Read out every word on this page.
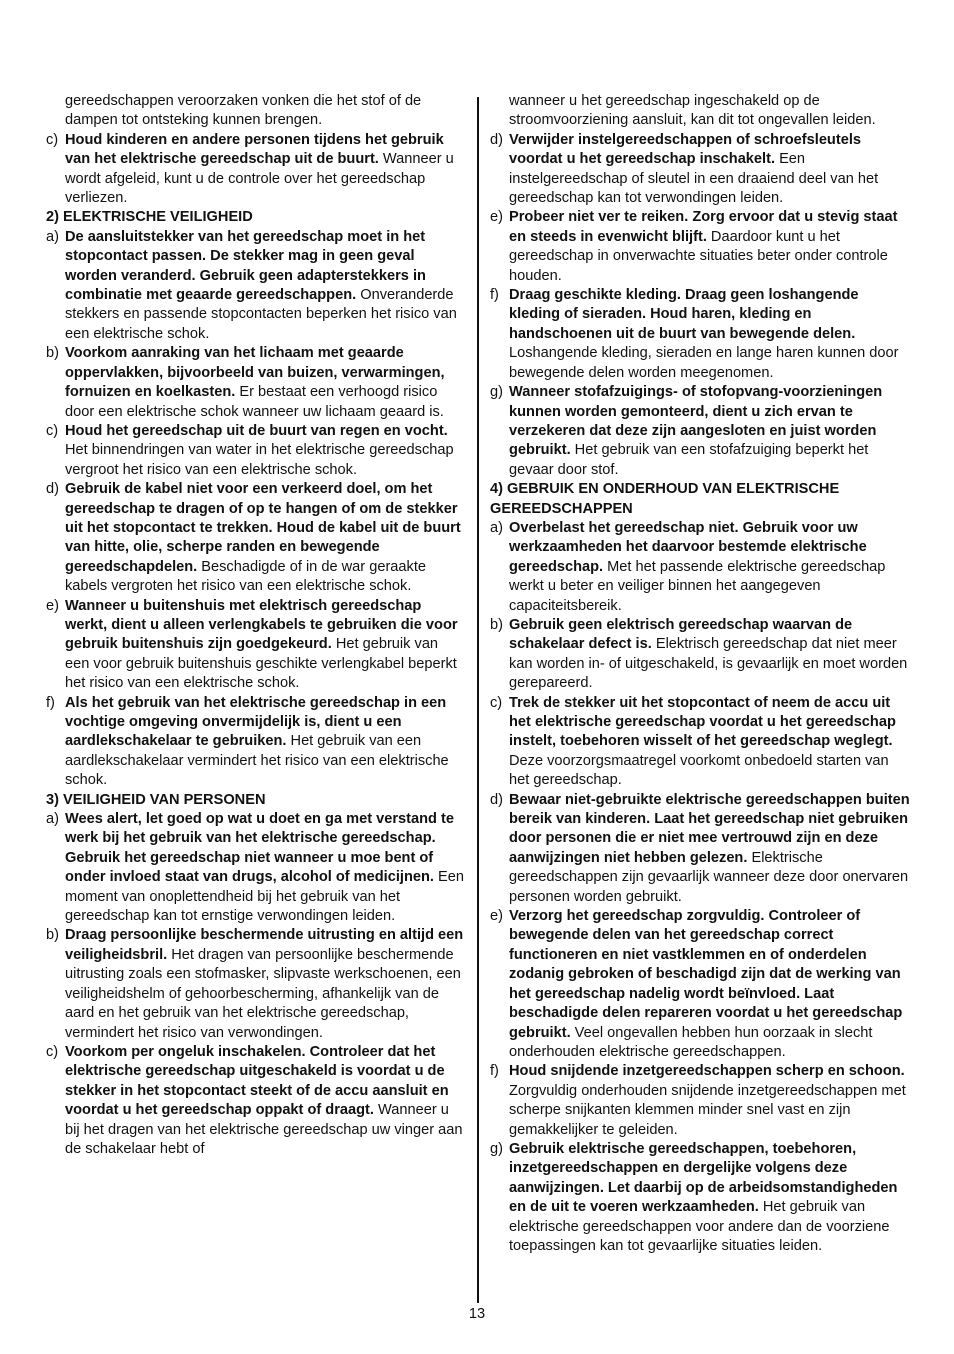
gereedschappen veroorzaken vonken die het stof of de dampen tot ontsteking kunnen brengen.
c) Houd kinderen en andere personen tijdens het gebruik van het elektrische gereedschap uit de buurt. Wanneer u wordt afgeleid, kunt u de controle over het gereedschap verliezen.
2) ELEKTRISCHE VEILIGHEID
a) De aansluitstekker van het gereedschap moet in het stopcontact passen. De stekker mag in geen geval worden veranderd. Gebruik geen adapterstekkers in combinatie met geaarde gereedschappen. Onveranderde stekkers en passende stopcontacten beperken het risico van een elektrische schok.
b) Voorkom aanraking van het lichaam met geaarde oppervlakken, bijvoorbeeld van buizen, verwarmingen, fornuizen en koelkasten. Er bestaat een verhoogd risico door een elektrische schok wanneer uw lichaam geaard is.
c) Houd het gereedschap uit de buurt van regen en vocht. Het binnendringen van water in het elektrische gereedschap vergroot het risico van een elektrische schok.
d) Gebruik de kabel niet voor een verkeerd doel, om het gereedschap te dragen of op te hangen of om de stekker uit het stopcontact te trekken. Houd de kabel uit de buurt van hitte, olie, scherpe randen en bewegende gereedschapdelen. Beschadigde of in de war geraakte kabels vergroten het risico van een elektrische schok.
e) Wanneer u buitenshuis met elektrisch gereedschap werkt, dient u alleen verlengkabels te gebruiken die voor gebruik buitenshuis zijn goedgekeurd. Het gebruik van een voor gebruik buitenshuis geschikte verlengkabel beperkt het risico van een elektrische schok.
f) Als het gebruik van het elektrische gereedschap in een vochtige omgeving onvermijdelijk is, dient u een aardlekschakelaar te gebruiken. Het gebruik van een aardlekschakelaar vermindert het risico van een elektrische schok.
3) VEILIGHEID VAN PERSONEN
a) Wees alert, let goed op wat u doet en ga met verstand te werk bij het gebruik van het elektrische gereedschap. Gebruik het gereedschap niet wanneer u moe bent of onder invloed staat van drugs, alcohol of medicijnen. Een moment van onoplettendheid bij het gebruik van het gereedschap kan tot ernstige verwondingen leiden.
b) Draag persoonlijke beschermende uitrusting en altijd een veiligheidsbril. Het dragen van persoonlijke beschermende uitrusting zoals een stofmasker, slipvaste werkschoenen, een veiligheidshelm of gehoorbescherming, afhankelijk van de aard en het gebruik van het elektrische gereedschap, vermindert het risico van verwondingen.
c) Voorkom per ongeluk inschakelen. Controleer dat het elektrische gereedschap uitgeschakeld is voordat u de stekker in het stopcontact steekt of de accu aansluit en voordat u het gereedschap oppakt of draagt. Wanneer u bij het dragen van het elektrische gereedschap uw vinger aan de schakelaar hebt of
wanneer u het gereedschap ingeschakeld op de stroomvoorziening aansluit, kan dit tot ongevallen leiden.
d) Verwijder instelgereedschappen of schroefsleutels voordat u het gereedschap inschakelt. Een instelgereedschap of sleutel in een draaiend deel van het gereedschap kan tot verwondingen leiden.
e) Probeer niet ver te reiken. Zorg ervoor dat u stevig staat en steeds in evenwicht blijft. Daardoor kunt u het gereedschap in onverwachte situaties beter onder controle houden.
f) Draag geschikte kleding. Draag geen loshangende kleding of sieraden. Houd haren, kleding en handschoenen uit de buurt van bewegende delen. Loshangende kleding, sieraden en lange haren kunnen door bewegende delen worden meegenomen.
g) Wanneer stofafzuigings- of stofopvang-voorzieningen kunnen worden gemonteerd, dient u zich ervan te verzekeren dat deze zijn aangesloten en juist worden gebruikt. Het gebruik van een stofafzuiging beperkt het gevaar door stof.
4) GEBRUIK EN ONDERHOUD VAN ELEKTRISCHE GEREEDSCHAPPEN
a) Overbelast het gereedschap niet. Gebruik voor uw werkzaamheden het daarvoor bestemde elektrische gereedschap. Met het passende elektrische gereedschap werkt u beter en veiliger binnen het aangegeven capaciteitsbereik.
b) Gebruik geen elektrisch gereedschap waarvan de schakelaar defect is. Elektrisch gereedschap dat niet meer kan worden in- of uitgeschakeld, is gevaarlijk en moet worden gerepareerd.
c) Trek de stekker uit het stopcontact of neem de accu uit het elektrische gereedschap voordat u het gereedschap instelt, toebehoren wisselt of het gereedschap weglegt. Deze voorzorgsmaatregel voorkomt onbedoeld starten van het gereedschap.
d) Bewaar niet-gebruikte elektrische gereedschappen buiten bereik van kinderen. Laat het gereedschap niet gebruiken door personen die er niet mee vertrouwd zijn en deze aanwijzingen niet hebben gelezen. Elektrische gereedschappen zijn gevaarlijk wanneer deze door onervaren personen worden gebruikt.
e) Verzorg het gereedschap zorgvuldig. Controleer of bewegende delen van het gereedschap correct functioneren en niet vastklemmen en of onderdelen zodanig gebroken of beschadigd zijn dat de werking van het gereedschap nadelig wordt beïnvloed. Laat beschadigde delen repareren voordat u het gereedschap gebruikt. Veel ongevallen hebben hun oorzaak in slecht onderhouden elektrische gereedschappen.
f) Houd snijdende inzetgereedschappen scherp en schoon. Zorgvuldig onderhouden snijdende inzetgereedschappen met scherpe snijkanten klemmen minder snel vast en zijn gemakkelijker te geleiden.
g) Gebruik elektrische gereedschappen, toebehoren, inzetgereedschappen en dergelijke volgens deze aanwijzingen. Let daarbij op de arbeidsomstandigheden en de uit te voeren werkzaamheden. Het gebruik van elektrische gereedschappen voor andere dan de voorziene toepassingen kan tot gevaarlijke situaties leiden.
13
